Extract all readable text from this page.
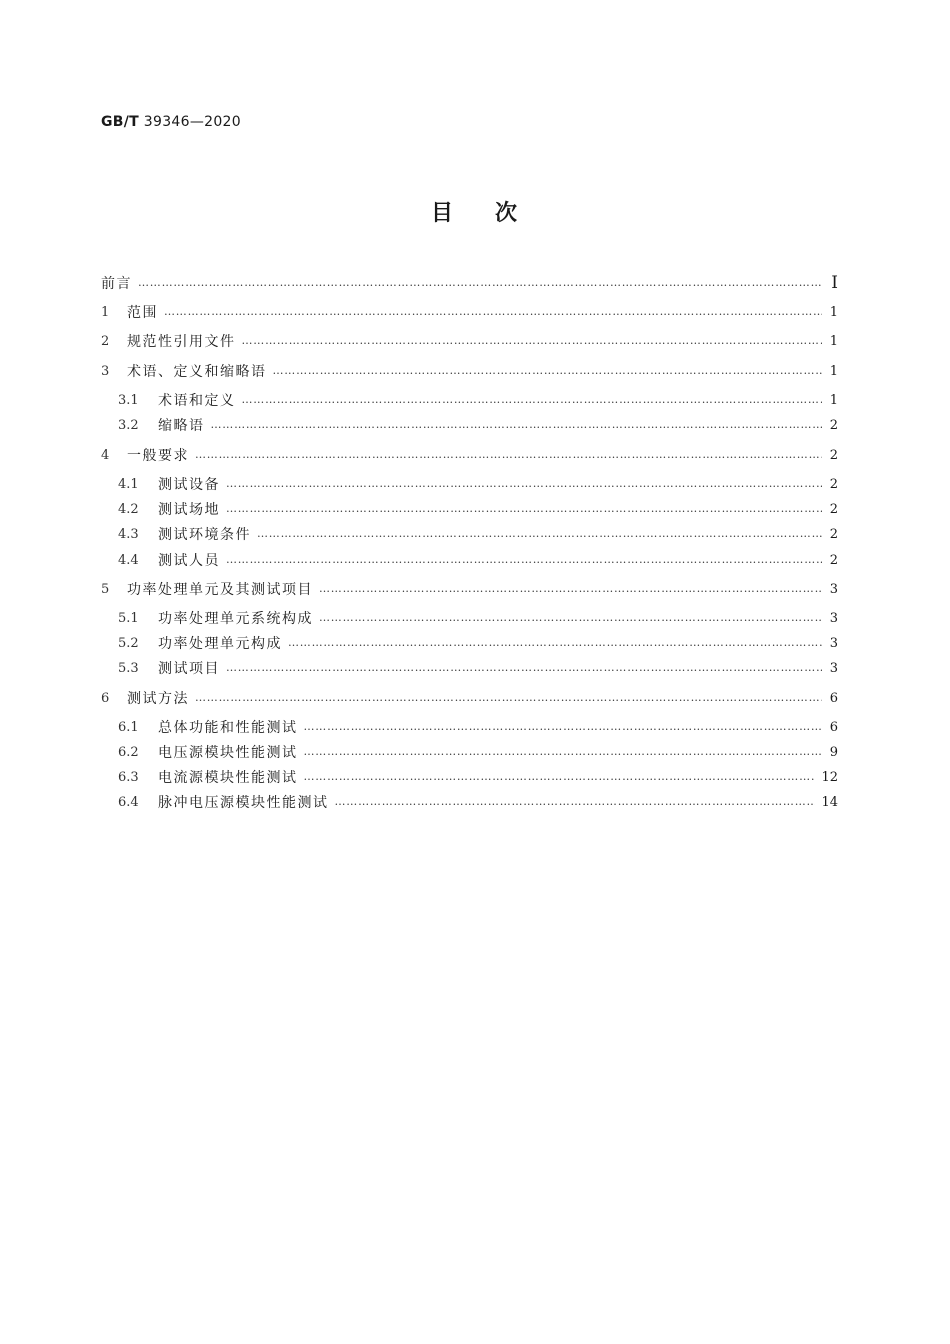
GB/T 39346—2020
目次
前言 …………………………………………………………………………………………………………………………………………………………………………………………………………………………………………	I
1	范围 …………………………………………………………………………………………………………………………………………………………………………………………………………………………………………	1
2	规范性引用文件 …………………………………………………………………………………………………………………………………………………………………………………………………………………………………………	1
3	术语、定义和缩略语 …………………………………………………………………………………………………………………………………………………………………………………………………………………………………………	1
3.1	术语和定义 …………………………………………………………………………………………………………………………………………………………………………………………………………………………………………	1
3.2	缩略语 …………………………………………………………………………………………………………………………………………………………………………………………………………………………………………	2
4	一般要求 …………………………………………………………………………………………………………………………………………………………………………………………………………………………………………	2
4.1	测试设备 …………………………………………………………………………………………………………………………………………………………………………………………………………………………………………	2
4.2	测试场地 …………………………………………………………………………………………………………………………………………………………………………………………………………………………………………	2
4.3	测试环境条件 …………………………………………………………………………………………………………………………………………………………………………………………………………………………………………	2
4.4	测试人员 …………………………………………………………………………………………………………………………………………………………………………………………………………………………………………	2
5	功率处理单元及其测试项目 …………………………………………………………………………………………………………………………………………………………………………………………………………………………………………	3
5.1	功率处理单元系统构成 …………………………………………………………………………………………………………………………………………………………………………………………………………………………………………	3
5.2	功率处理单元构成 …………………………………………………………………………………………………………………………………………………………………………………………………………………………………………	3
5.3	测试项目 …………………………………………………………………………………………………………………………………………………………………………………………………………………………………………	3
6	测试方法 …………………………………………………………………………………………………………………………………………………………………………………………………………………………………………	6
6.1	总体功能和性能测试 …………………………………………………………………………………………………………………………………………………………………………………………………………………………………………	6
6.2	电压源模块性能测试 …………………………………………………………………………………………………………………………………………………………………………………………………………………………………………	9
6.3	电流源模块性能测试 …………………………………………………………………………………………………………………………………………………………………………………………………………………………………………	12
6.4	脉冲电压源模块性能测试 …………………………………………………………………………………………………………………………………………………………………………………………………………………………………………	14
